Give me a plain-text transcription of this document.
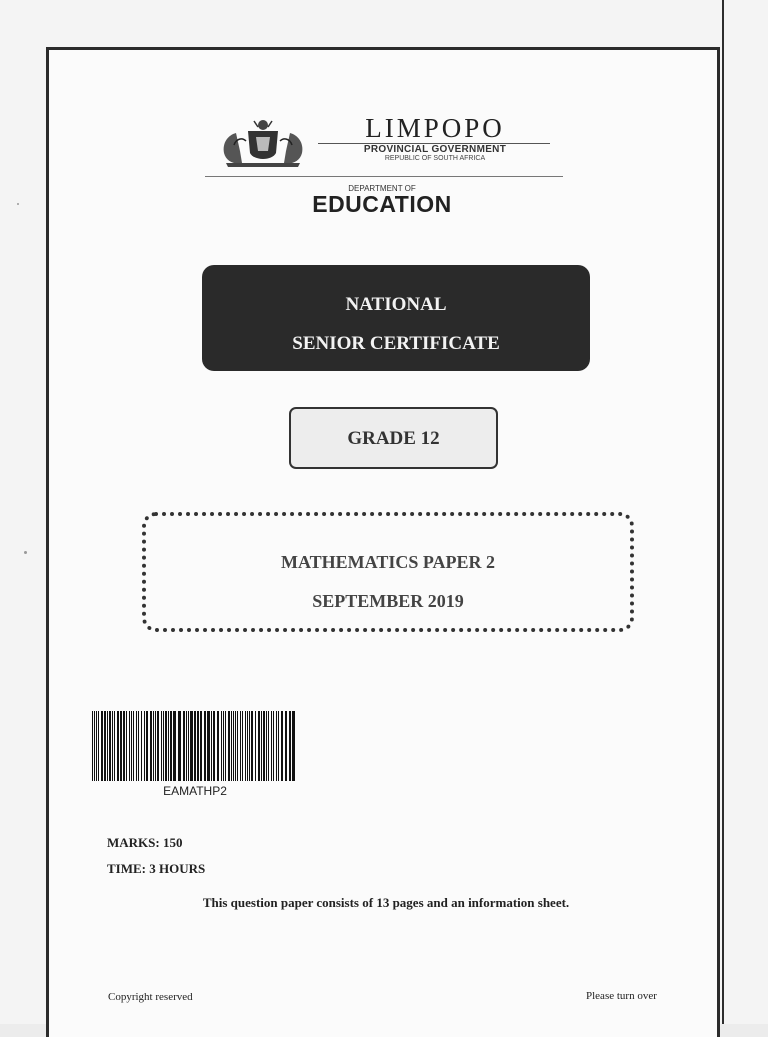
LIMPOPO
PROVINCIAL GOVERNMENT
REPUBLIC OF SOUTH AFRICA
DEPARTMENT OF
EDUCATION
NATIONAL
SENIOR CERTIFICATE
GRADE 12
MATHEMATICS PAPER 2
SEPTEMBER 2019
EAMATHP2
MARKS: 150
TIME: 3 HOURS
This question paper consists of 13 pages and an information sheet.
Copyright reserved	Please turn over
